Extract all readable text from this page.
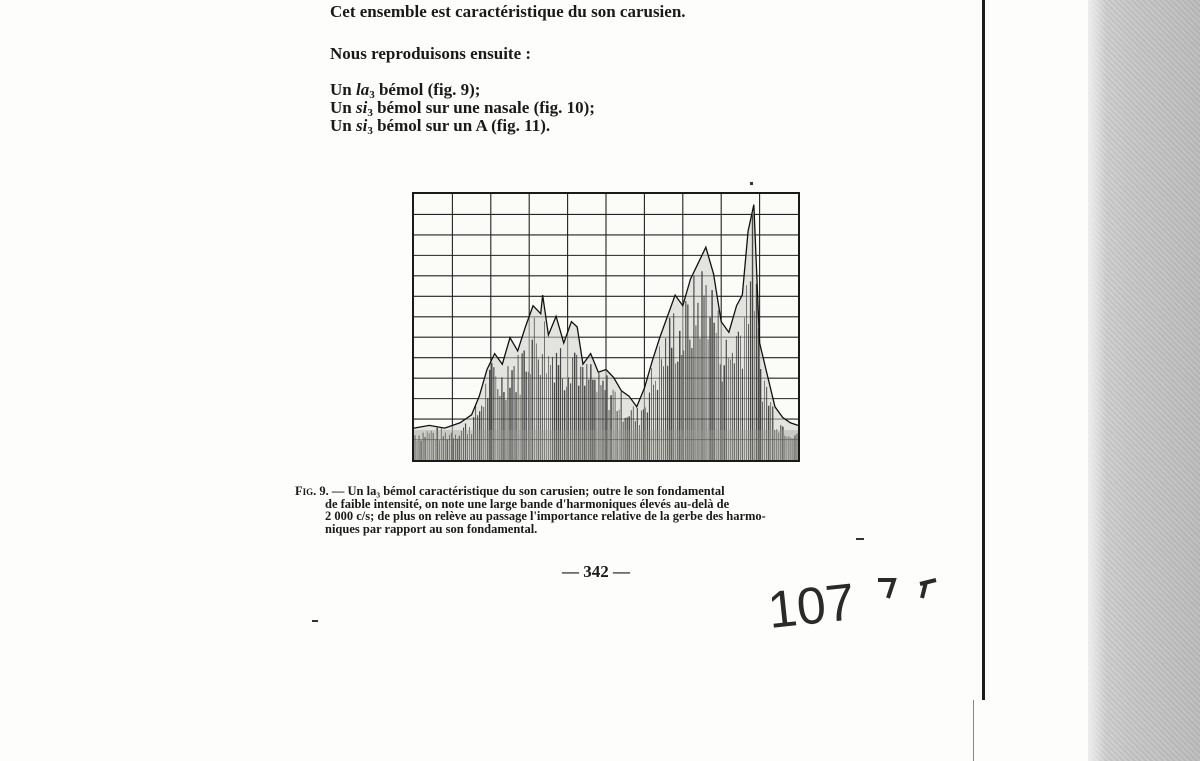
Cet ensemble est caractéristique du son carusien.
Nous reproduisons ensuite :
Un $la_3$ bémol (fig. 9);
Un $si_3$ bémol sur une nasale (fig. 10);
Un $si_3$ bémol sur un A (fig. 11).
Fig. 9. — Un la₃ bémol caractéristique du son carusien; outre le son fondamental
de faible intensité, on note une large bande d'harmoniques élevés au-delà de
2 000 c/s; de plus on relève au passage l'importance relative de la gerbe des harmo-
niques par rapport au son fondamental.
— 342 —
107
